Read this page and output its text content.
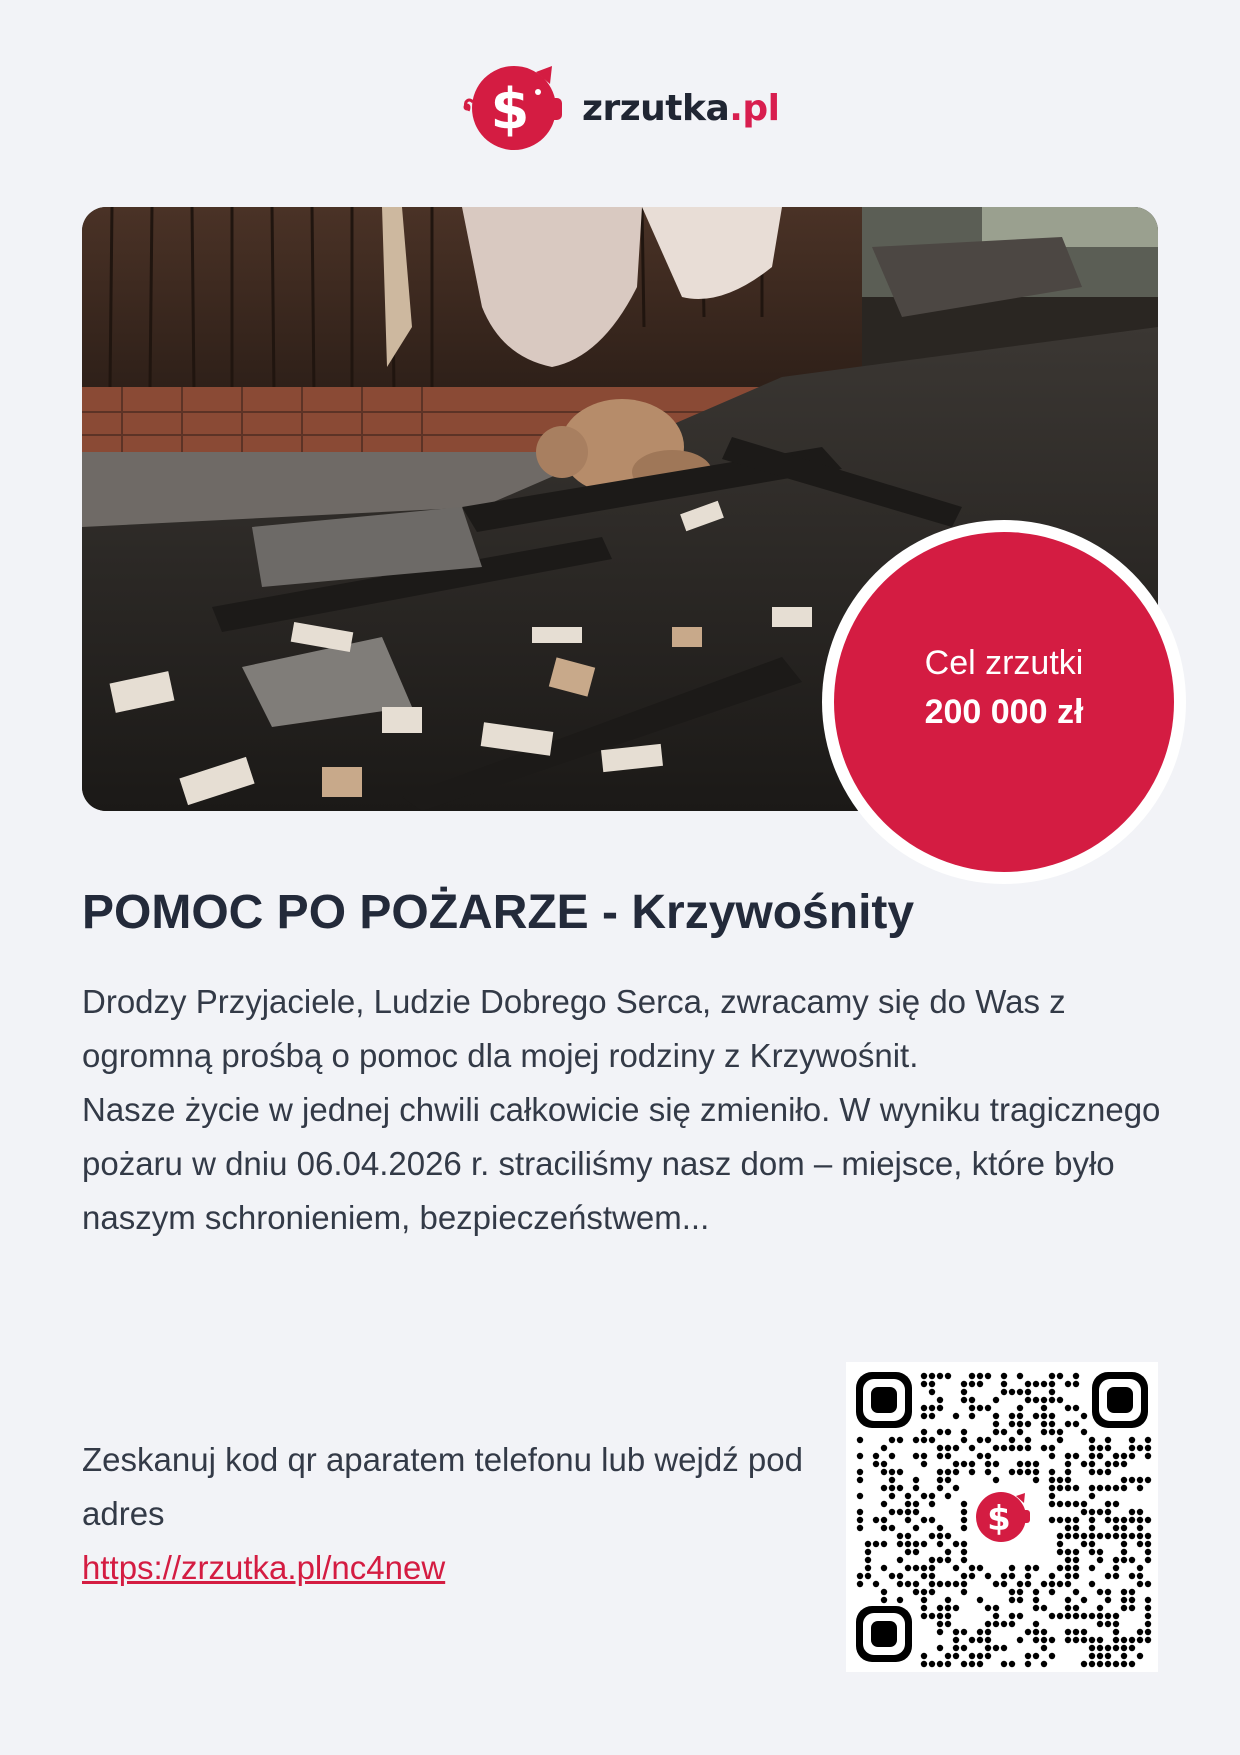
$ zrzutka.pl
Cel zrzutki
200 000 zł
POMOC PO POŻARZE - Krzywośnity

Drodzy Przyjaciele, Ludzie Dobrego Serca, zwracamy się do Was z ogromną prośbą o pomoc dla mojej rodziny z Krzywośnit.

Nasze życie w jednej chwili całkowicie się zmieniło. W wyniku tragicznego pożaru w dniu 06.04.2026 r. straciliśmy nasz dom – miejsce, które było naszym schronieniem, bezpieczeństwem...

Zeskanuj kod qr aparatem telefonu lub wejdź pod adres
https://zrzutka.pl/nc4new
$
